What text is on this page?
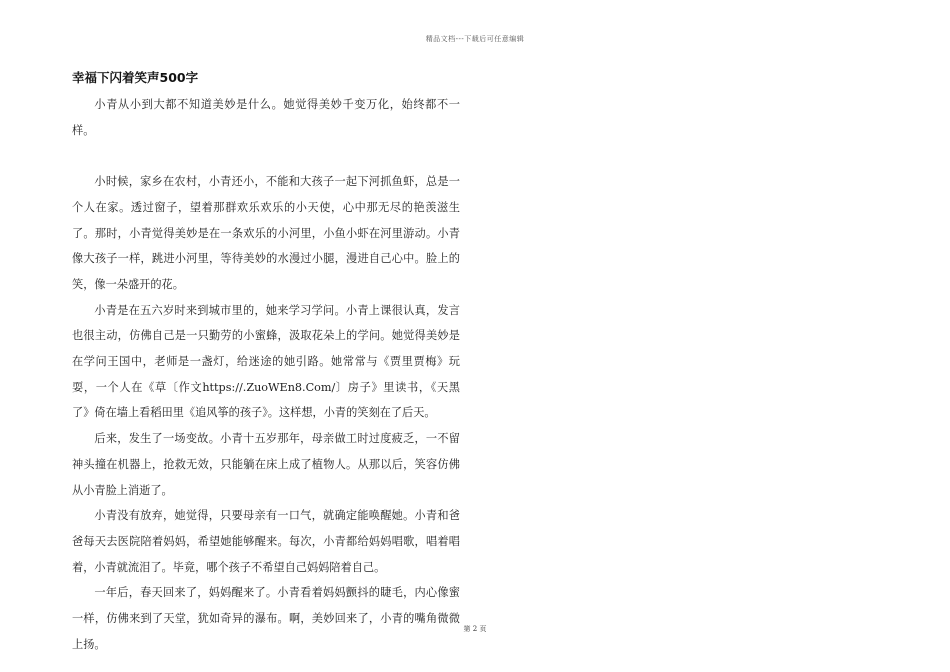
精品文档---下载后可任意编辑
幸福下闪着笑声500字

小青从小到大都不知道美妙是什么。她觉得美妙千变万化，始终都不一样。

小时候，家乡在农村，小青还小，不能和大孩子一起下河抓鱼虾，总是一个人在家。透过窗子，望着那群欢乐欢乐的小天使，心中那无尽的艳羡滋生了。那时，小青觉得美妙是在一条欢乐的小河里，小鱼小虾在河里游动。小青像大孩子一样，跳进小河里，等待美妙的水漫过小腿，漫进自己心中。脸上的笑，像一朵盛开的花。

小青是在五六岁时来到城市里的，她来学习学问。小青上课很认真，发言也很主动，仿佛自己是一只勤劳的小蜜蜂，汲取花朵上的学问。她觉得美妙是在学问王国中，老师是一盏灯，给迷途的她引路。她常常与《贾里贾梅》玩耍，一个人在《草〔作文https://.ZuoWEn8.Com/〕房子》里读书，《天黑了》倚在墙上看稻田里《追风筝的孩子》。这样想，小青的笑刻在了后天。

后来，发生了一场变故。小青十五岁那年，母亲做工时过度疲乏，一不留神头撞在机器上，抢救无效，只能躺在床上成了植物人。从那以后，笑容仿佛从小青脸上消逝了。

小青没有放弃，她觉得，只要母亲有一口气，就确定能唤醒她。小青和爸爸每天去医院陪着妈妈，希望她能够醒来。每次，小青都给妈妈唱歌，唱着唱着，小青就流泪了。毕竟，哪个孩子不希望自己妈妈陪着自己。

一年后，春天回来了，妈妈醒来了。小青看着妈妈颤抖的睫毛，内心像蜜一样，仿佛来到了天堂，犹如奇异的瀑布。啊，美妙回来了，小青的嘴角微微上扬。

第 2 页
